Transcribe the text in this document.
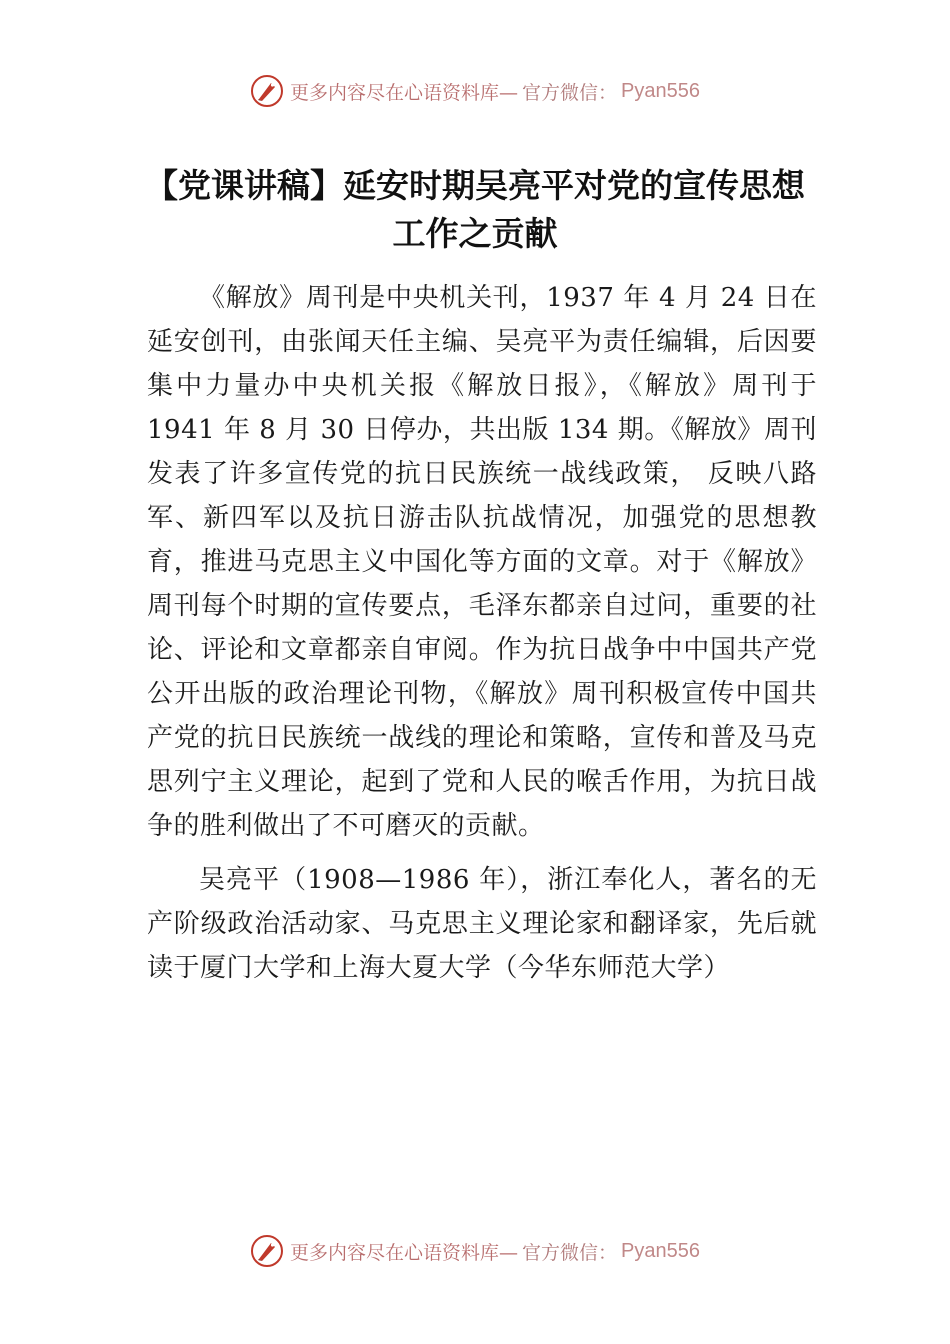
更多内容尽在心语资料库— 官方微信： Pyan556
【党课讲稿】延安时期吴亮平对党的宣传思想工作之贡献

《解放》周刊是中央机关刊，1937 年 4 月 24 日在延安创刊，由张闻天任主编、吴亮平为责任编辑，后因要集中力量办中央机关报《解放日报》，《解放》周刊于 1941 年 8 月 30 日停办，共出版 134 期。《解放》周刊发表了许多宣传党的抗日民族统一战线政策， 反映八路军、新四军以及抗日游击队抗战情况，加强党的思想教育，推进马克思主义中国化等方面的文章。对于《解放》周刊每个时期的宣传要点，毛泽东都亲自过问，重要的社论、评论和文章都亲自审阅。作为抗日战争中中国共产党公开出版的政治理论刊物，《解放》周刊积极宣传中国共产党的抗日民族统一战线的理论和策略，宣传和普及马克思列宁主义理论，起到了党和人民的喉舌作用，为抗日战争的胜利做出了不可磨灭的贡献。

吴亮平（1908—1986 年），浙江奉化人，著名的无产阶级政治活动家、马克思主义理论家和翻译家，先后就读于厦门大学和上海大夏大学（今华东师范大学）

更多内容尽在心语资料库— 官方微信： Pyan556
